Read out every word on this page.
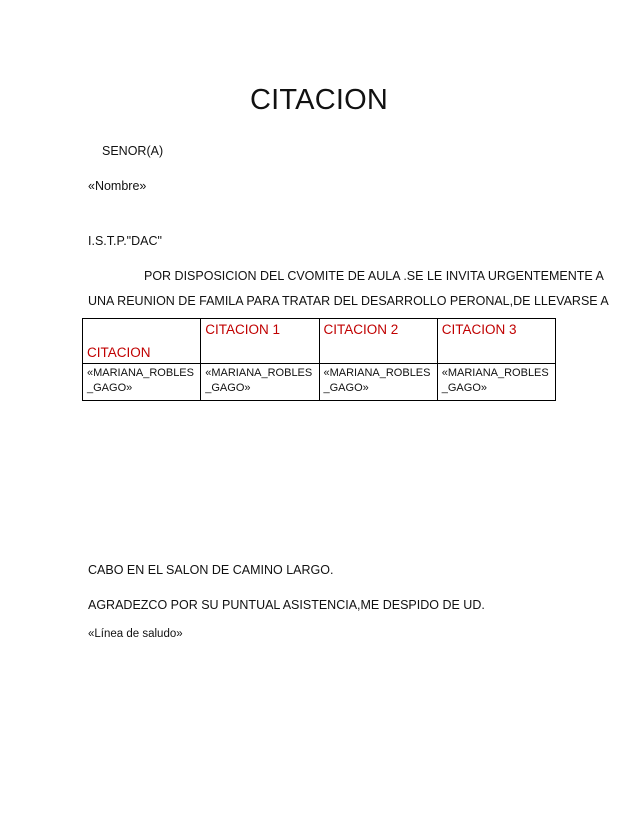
CITACION
SENOR(A)
«Nombre»
I.S.T.P."DAC"
POR DISPOSICION DEL CVOMITE DE AULA .SE LE INVITA URGENTEMENTE A
UNA REUNION DE FAMILA PARA TRATAR DEL DESARROLLO PERONAL,DE LLEVARSE A
CITACION	CITACION 1	CITACION 2	CITACION 3
«MARIANA_ROBLES_GAGO»	«MARIANA_ROBLES_GAGO»	«MARIANA_ROBLES_GAGO»	«MARIANA_ROBLES_GAGO»
CABO EN EL SALON DE CAMINO LARGO.
AGRADEZCO POR SU PUNTUAL ASISTENCIA,ME DESPIDO DE UD.
«Línea de saludo»
